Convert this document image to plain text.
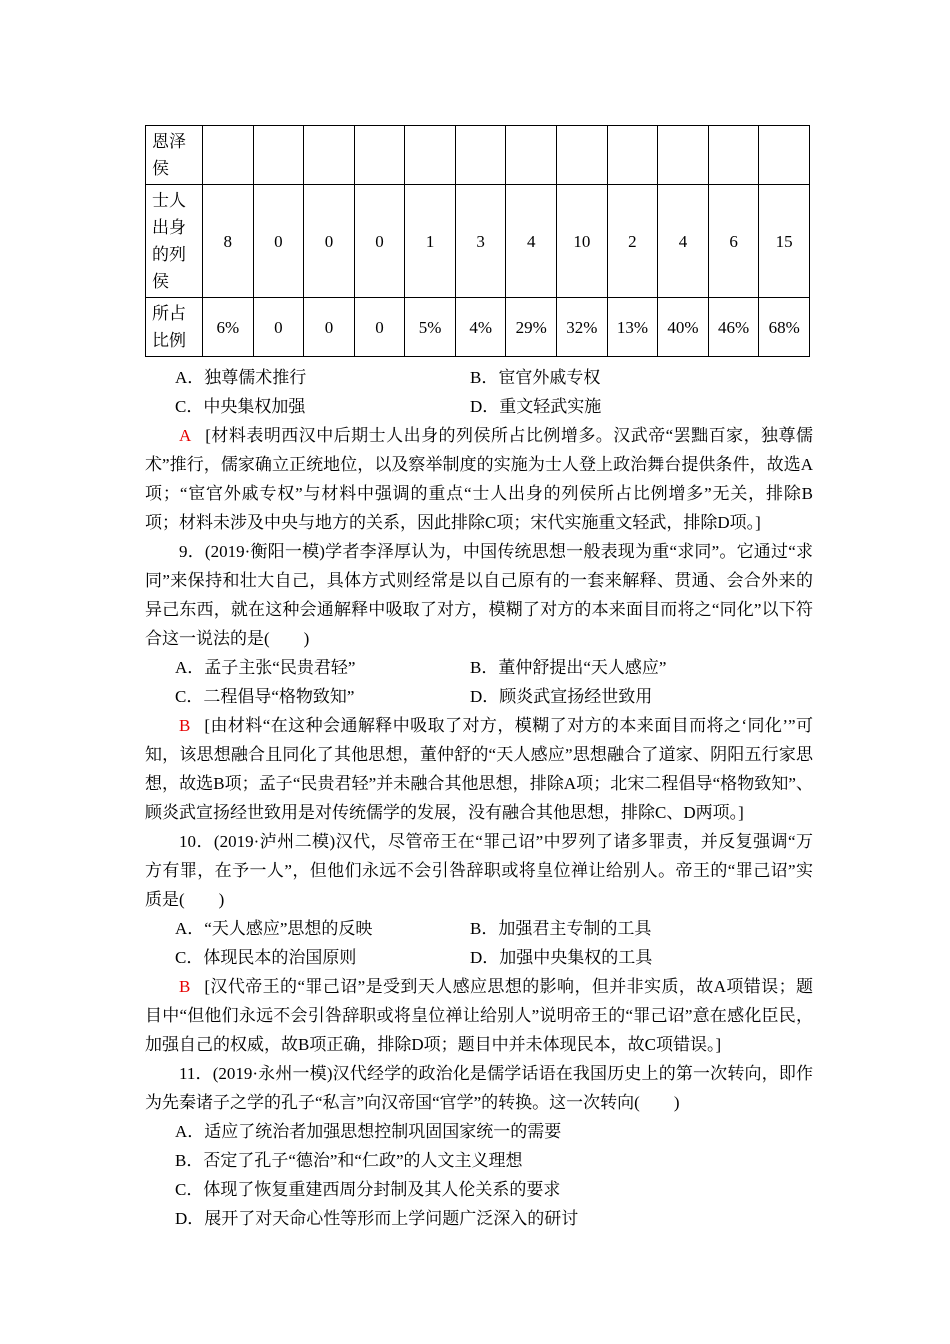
恩泽侯												
士人出身的列侯	8	0	0	0	1	3	4	10	2	4	6	15
所占比例	6%	0	0	0	5%	4%	29%	32%	13%	40%	46%	68%
A．独尊儒术推行	B．宦官外戚专权
C．中央集权加强	D．重文轻武实施

A [材料表明西汉中后期士人出身的列侯所占比例增多。汉武帝“罢黜百家，独尊儒术”推行，儒家确立正统地位，以及察举制度的实施为士人登上政治舞台提供条件，故选A项；“宦官外戚专权”与材料中强调的重点“士人出身的列侯所占比例增多”无关，排除B项；材料未涉及中央与地方的关系，因此排除C项；宋代实施重文轻武，排除D项。]

9．(2019·衡阳一模)学者李泽厚认为，中国传统思想一般表现为重“求同”。它通过“求同”来保持和壮大自己，具体方式则经常是以自己原有的一套来解释、贯通、会合外来的异己东西，就在这种会通解释中吸取了对方，模糊了对方的本来面目而将之“同化”以下符合这一说法的是(　　)

A．孟子主张“民贵君轻”	B．董仲舒提出“天人感应”
C．二程倡导“格物致知”	D．顾炎武宣扬经世致用

B [由材料“在这种会通解释中吸取了对方，模糊了对方的本来面目而将之‘同化’”可知，该思想融合且同化了其他思想，董仲舒的“天人感应”思想融合了道家、阴阳五行家思想，故选B项；孟子“民贵君轻”并未融合其他思想，排除A项；北宋二程倡导“格物致知”、顾炎武宣扬经世致用是对传统儒学的发展，没有融合其他思想，排除C、D两项。]

10．(2019·泸州二模)汉代，尽管帝王在“罪己诏”中罗列了诸多罪责，并反复强调“万方有罪，在予一人”，但他们永远不会引咎辞职或将皇位禅让给别人。帝王的“罪己诏”实质是(　　)

A．“天人感应”思想的反映	B．加强君主专制的工具
C．体现民本的治国原则	D．加强中央集权的工具

B [汉代帝王的“罪己诏”是受到天人感应思想的影响，但并非实质，故A项错误；题目中“但他们永远不会引咎辞职或将皇位禅让给别人”说明帝王的“罪己诏”意在感化臣民，加强自己的权威，故B项正确，排除D项；题目中并未体现民本，故C项错误。]

11．(2019·永州一模)汉代经学的政治化是儒学话语在我国历史上的第一次转向，即作为先秦诸子之学的孔子“私言”向汉帝国“官学”的转换。这一次转向(　　)

A．适应了统治者加强思想控制巩固国家统一的需要
B．否定了孔子“德治”和“仁政”的人文主义理想
C．体现了恢复重建西周分封制及其人伦关系的要求
D．展开了对天命心性等形而上学问题广泛深入的研讨
